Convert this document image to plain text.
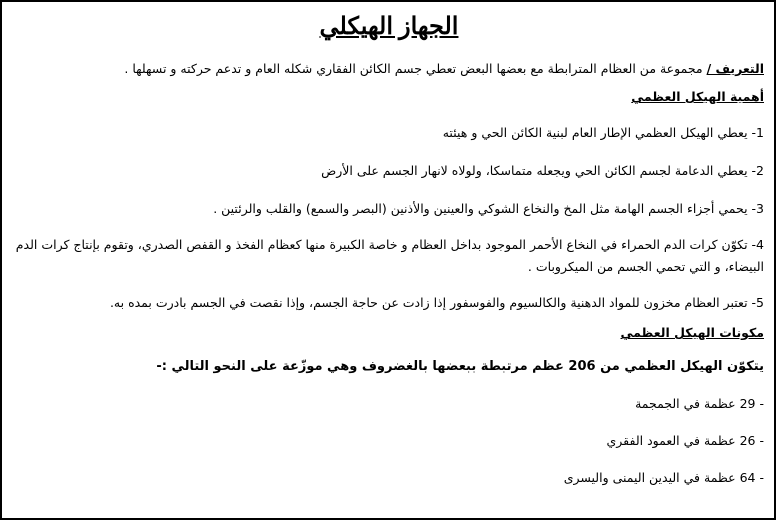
الجهاز الهيكلي

التعريف / مجموعة من العظام المترابطة مع بعضها البعض تعطي جسم الكائن الفقاري شكله العام و تدعم حركته و تسهلها .

أهمية الهيكل العظمي

1- يعطي الهيكل العظمي الإطار العام لبنية الكائن الحي و هيئته

2- يعطي الدعامة لجسم الكائن الحي ويجعله متماسكا، ولولاه لانهار الجسم على الأرض

3- يحمي أجزاء الجسم الهامة مثل المخ والنخاع الشوكي والعينين والأذنين (البصر والسمع) والقلب والرئتين .

4- تكوّن كرات الدم الحمراء في النخاع الأحمر الموجود بداخل العظام و خاصة الكبيرة منها كعظام الفخذ و القفص الصدري، وتقوم بإنتاج كرات الدم البيضاء، و التي تحمي الجسم من الميكروبات .

5- تعتبر العظام مخزون للمواد الدهنية والكالسيوم والفوسفور إذا زادت عن حاجة الجسم، وإذا نقصت في الجسم بادرت بمده به.

مكونات الهيكل العظمي

يتكوّن الهيكل العظمي من 206 عظم مرتبطة ببعضها بالغضروف وهي موزّعة على النحو التالي :-

- 29 عظمة في الجمجمة

- 26 عظمة في العمود الفقري

- 64 عظمة في اليدين اليمنى واليسرى
